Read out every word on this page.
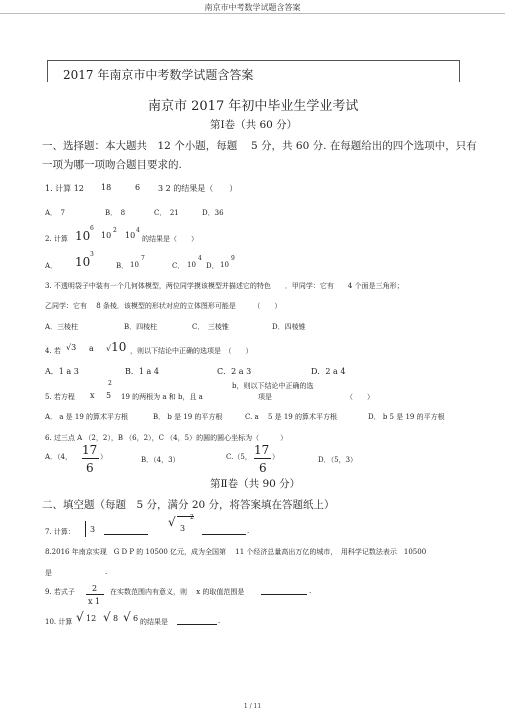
南京市中考数学试题含答案
2017 年南京市中考数学试题含答案
南京市 2017 年初中毕业生学业考试
第Ⅰ卷（共 60 分）
一、选择题：本大题共　12 个小题，每题　 5 分，共 60 分. 在每题给出的四个选项中，只有
一项为哪一项吻合题目要求的.
1. 计算 12 18	6 3 2 的结果是（　　）
A．　7	B．　8	C．　21	D．36
2. 计算 10
6
10
2
10
4
的结果是（　　）
A． 10
3
B． 10
7
C． 10
4
D． 10
9
3. 不透明袋子中装有一个几何体模型，两位同学摸该模型并描述它的特色　　．甲同学：它有　　4 个面是三角形；
乙同学：它有　 8 条棱．该模型的形状对应的立体图形可能是　　　（　　）
A．三棱柱	B．四棱柱	C．　三棱锥	D．四棱锥
4. 若 √3 a √10 ，则以下结论中正确的选项是　（　　）
A．1 a 3	B．1 a 4	C．2 a 3	D．2 a 4
2	b，则以下结论中正确的选
5. 若方程 x 5 19 的两根为 a 和 b，且 a	项是	（　　）
A． a 是 19 的算术平方根	B． b 是 19 的平方根	C. a　 5 是 19 的算术平方根	D． b 5 是 19 的平方根
6. 过三点 A （2，2），B （6，2），C （4，5）的圆的圆心坐标为（　　　）
A．（4， 17
6
）	B．（4，3）	C.（5， 17
6
）	D．（5，3）
第Ⅱ卷（共 90 分）
二、填空题（每题　5 分，满分 20 分，将答案填在答题纸上）
7. 计算： 3
√ 3
2
.
8.2016 年南京实现　G D P 的 10500 亿元，成为全国第　 11 个经济总量高出万亿的城市，　用科学记数法表示　10500
是	.
9. 若式子 2
x 1
在实数范围内有意义，则　 x 的取值范围是	.
10. 计算 √ 12 √ 8 √ 6 的结果是	.
1 / 11
